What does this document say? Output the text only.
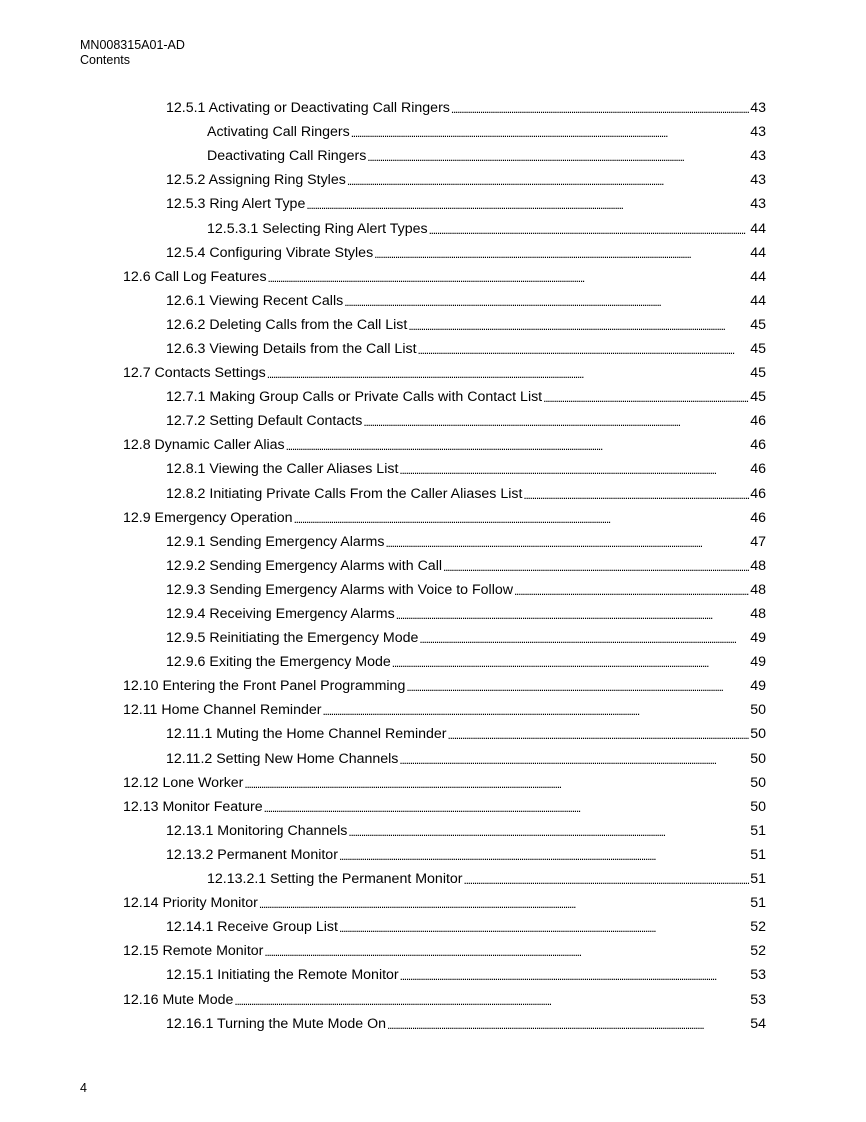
MN008315A01-AD
Contents
12.5.1 Activating or Deactivating Call Ringers . . .	43
Activating Call Ringers . . .	43
Deactivating Call Ringers . . .	43
12.5.2 Assigning Ring Styles . . .	43
12.5.3 Ring Alert Type . . .	43
12.5.3.1 Selecting Ring Alert Types . . .	44
12.5.4 Configuring Vibrate Styles . . .	44
12.6 Call Log Features . . .	44
12.6.1 Viewing Recent Calls . . .	44
12.6.2 Deleting Calls from the Call List . . .	45
12.6.3 Viewing Details from the Call List . . .	45
12.7 Contacts Settings . . .	45
12.7.1 Making Group Calls or Private Calls with Contact List . . .	45
12.7.2 Setting Default Contacts . . .	46
12.8 Dynamic Caller Alias . . .	46
12.8.1 Viewing the Caller Aliases List . . .	46
12.8.2 Initiating Private Calls From the Caller Aliases List . . .	46
12.9 Emergency Operation . . .	46
12.9.1 Sending Emergency Alarms . . .	47
12.9.2 Sending Emergency Alarms with Call . . .	48
12.9.3 Sending Emergency Alarms with Voice to Follow . . .	48
12.9.4 Receiving Emergency Alarms . . .	48
12.9.5 Reinitiating the Emergency Mode . . .	49
12.9.6 Exiting the Emergency Mode . . .	49
12.10 Entering the Front Panel Programming . . .	49
12.11 Home Channel Reminder . . .	50
12.11.1 Muting the Home Channel Reminder . . .	50
12.11.2 Setting New Home Channels . . .	50
12.12 Lone Worker . . .	50
12.13 Monitor Feature . . .	50
12.13.1 Monitoring Channels . . .	51
12.13.2 Permanent Monitor . . .	51
12.13.2.1 Setting the Permanent Monitor . . .	51
12.14 Priority Monitor . . .	51
12.14.1 Receive Group List . . .	52
12.15 Remote Monitor . . .	52
12.15.1 Initiating the Remote Monitor . . .	53
12.16 Mute Mode . . .	53
12.16.1 Turning the Mute Mode On . . .	54
4
